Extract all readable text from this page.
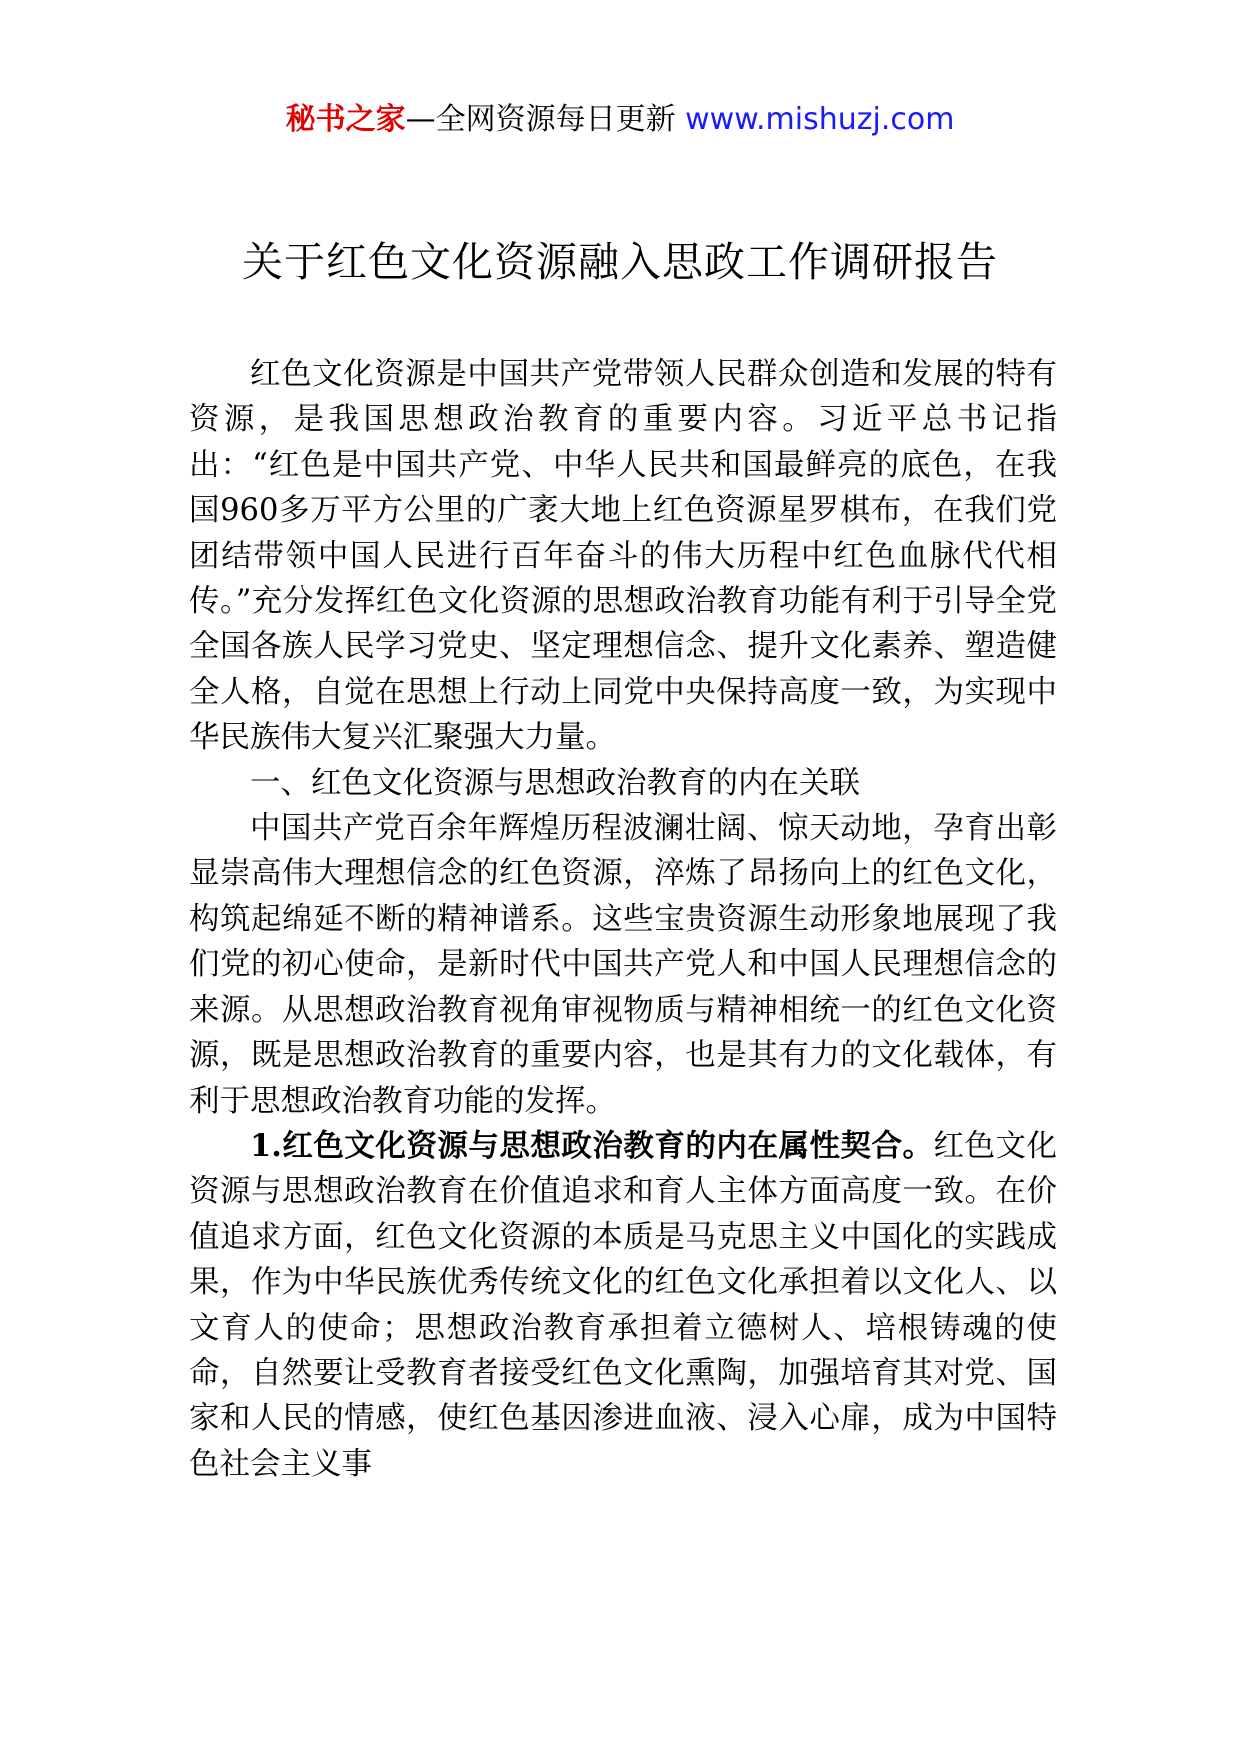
秘书之家—全网资源每日更新 www.mishuzj.com
关于红色文化资源融入思政工作调研报告

红色文化资源是中国共产党带领人民群众创造和发展的特有资源，是我国思想政治教育的重要内容。习近平总书记指出：“红色是中国共产党、中华人民共和国最鲜亮的底色，在我国960多万平方公里的广袤大地上红色资源星罗棋布，在我们党团结带领中国人民进行百年奋斗的伟大历程中红色血脉代代相传。”充分发挥红色文化资源的思想政治教育功能有利于引导全党全国各族人民学习党史、坚定理想信念、提升文化素养、塑造健全人格，自觉在思想上行动上同党中央保持高度一致，为实现中华民族伟大复兴汇聚强大力量。

一、红色文化资源与思想政治教育的内在关联

中国共产党百余年辉煌历程波澜壮阔、惊天动地，孕育出彰显崇高伟大理想信念的红色资源，淬炼了昂扬向上的红色文化，构筑起绵延不断的精神谱系。这些宝贵资源生动形象地展现了我们党的初心使命，是新时代中国共产党人和中国人民理想信念的来源。从思想政治教育视角审视物质与精神相统一的红色文化资源，既是思想政治教育的重要内容，也是其有力的文化载体，有利于思想政治教育功能的发挥。

1.红色文化资源与思想政治教育的内在属性契合。红色文化资源与思想政治教育在价值追求和育人主体方面高度一致。在价值追求方面，红色文化资源的本质是马克思主义中国化的实践成果，作为中华民族优秀传统文化的红色文化承担着以文化人、以文育人的使命；思想政治教育承担着立德树人、培根铸魂的使命，自然要让受教育者接受红色文化熏陶，加强培育其对党、国家和人民的情感，使红色基因渗进血液、浸入心扉，成为中国特色社会主义事
